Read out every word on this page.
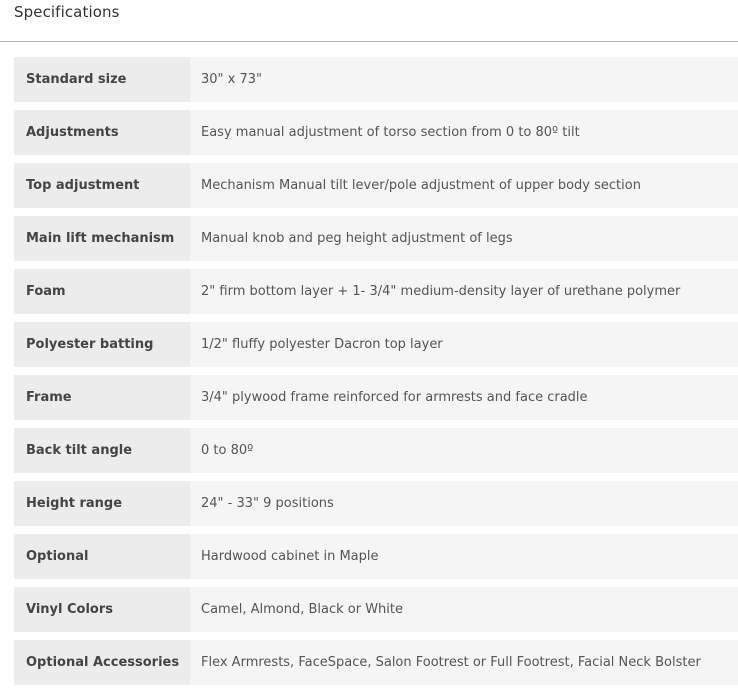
Specifications
Standard size	30" x 73"
Adjustments	Easy manual adjustment of torso section from 0 to 80º tilt
Top adjustment	Mechanism Manual tilt lever/pole adjustment of upper body section
Main lift mechanism	Manual knob and peg height adjustment of legs
Foam	2" firm bottom layer + 1- 3/4" medium-density layer of urethane polymer
Polyester batting	1/2" fluffy polyester Dacron top layer
Frame	3/4" plywood frame reinforced for armrests and face cradle
Back tilt angle	0 to 80º
Height range	24" - 33" 9 positions
Optional	Hardwood cabinet in Maple
Vinyl Colors	Camel, Almond, Black or White
Optional Accessories	Flex Armrests, FaceSpace, Salon Footrest or Full Footrest, Facial Neck Bolster
